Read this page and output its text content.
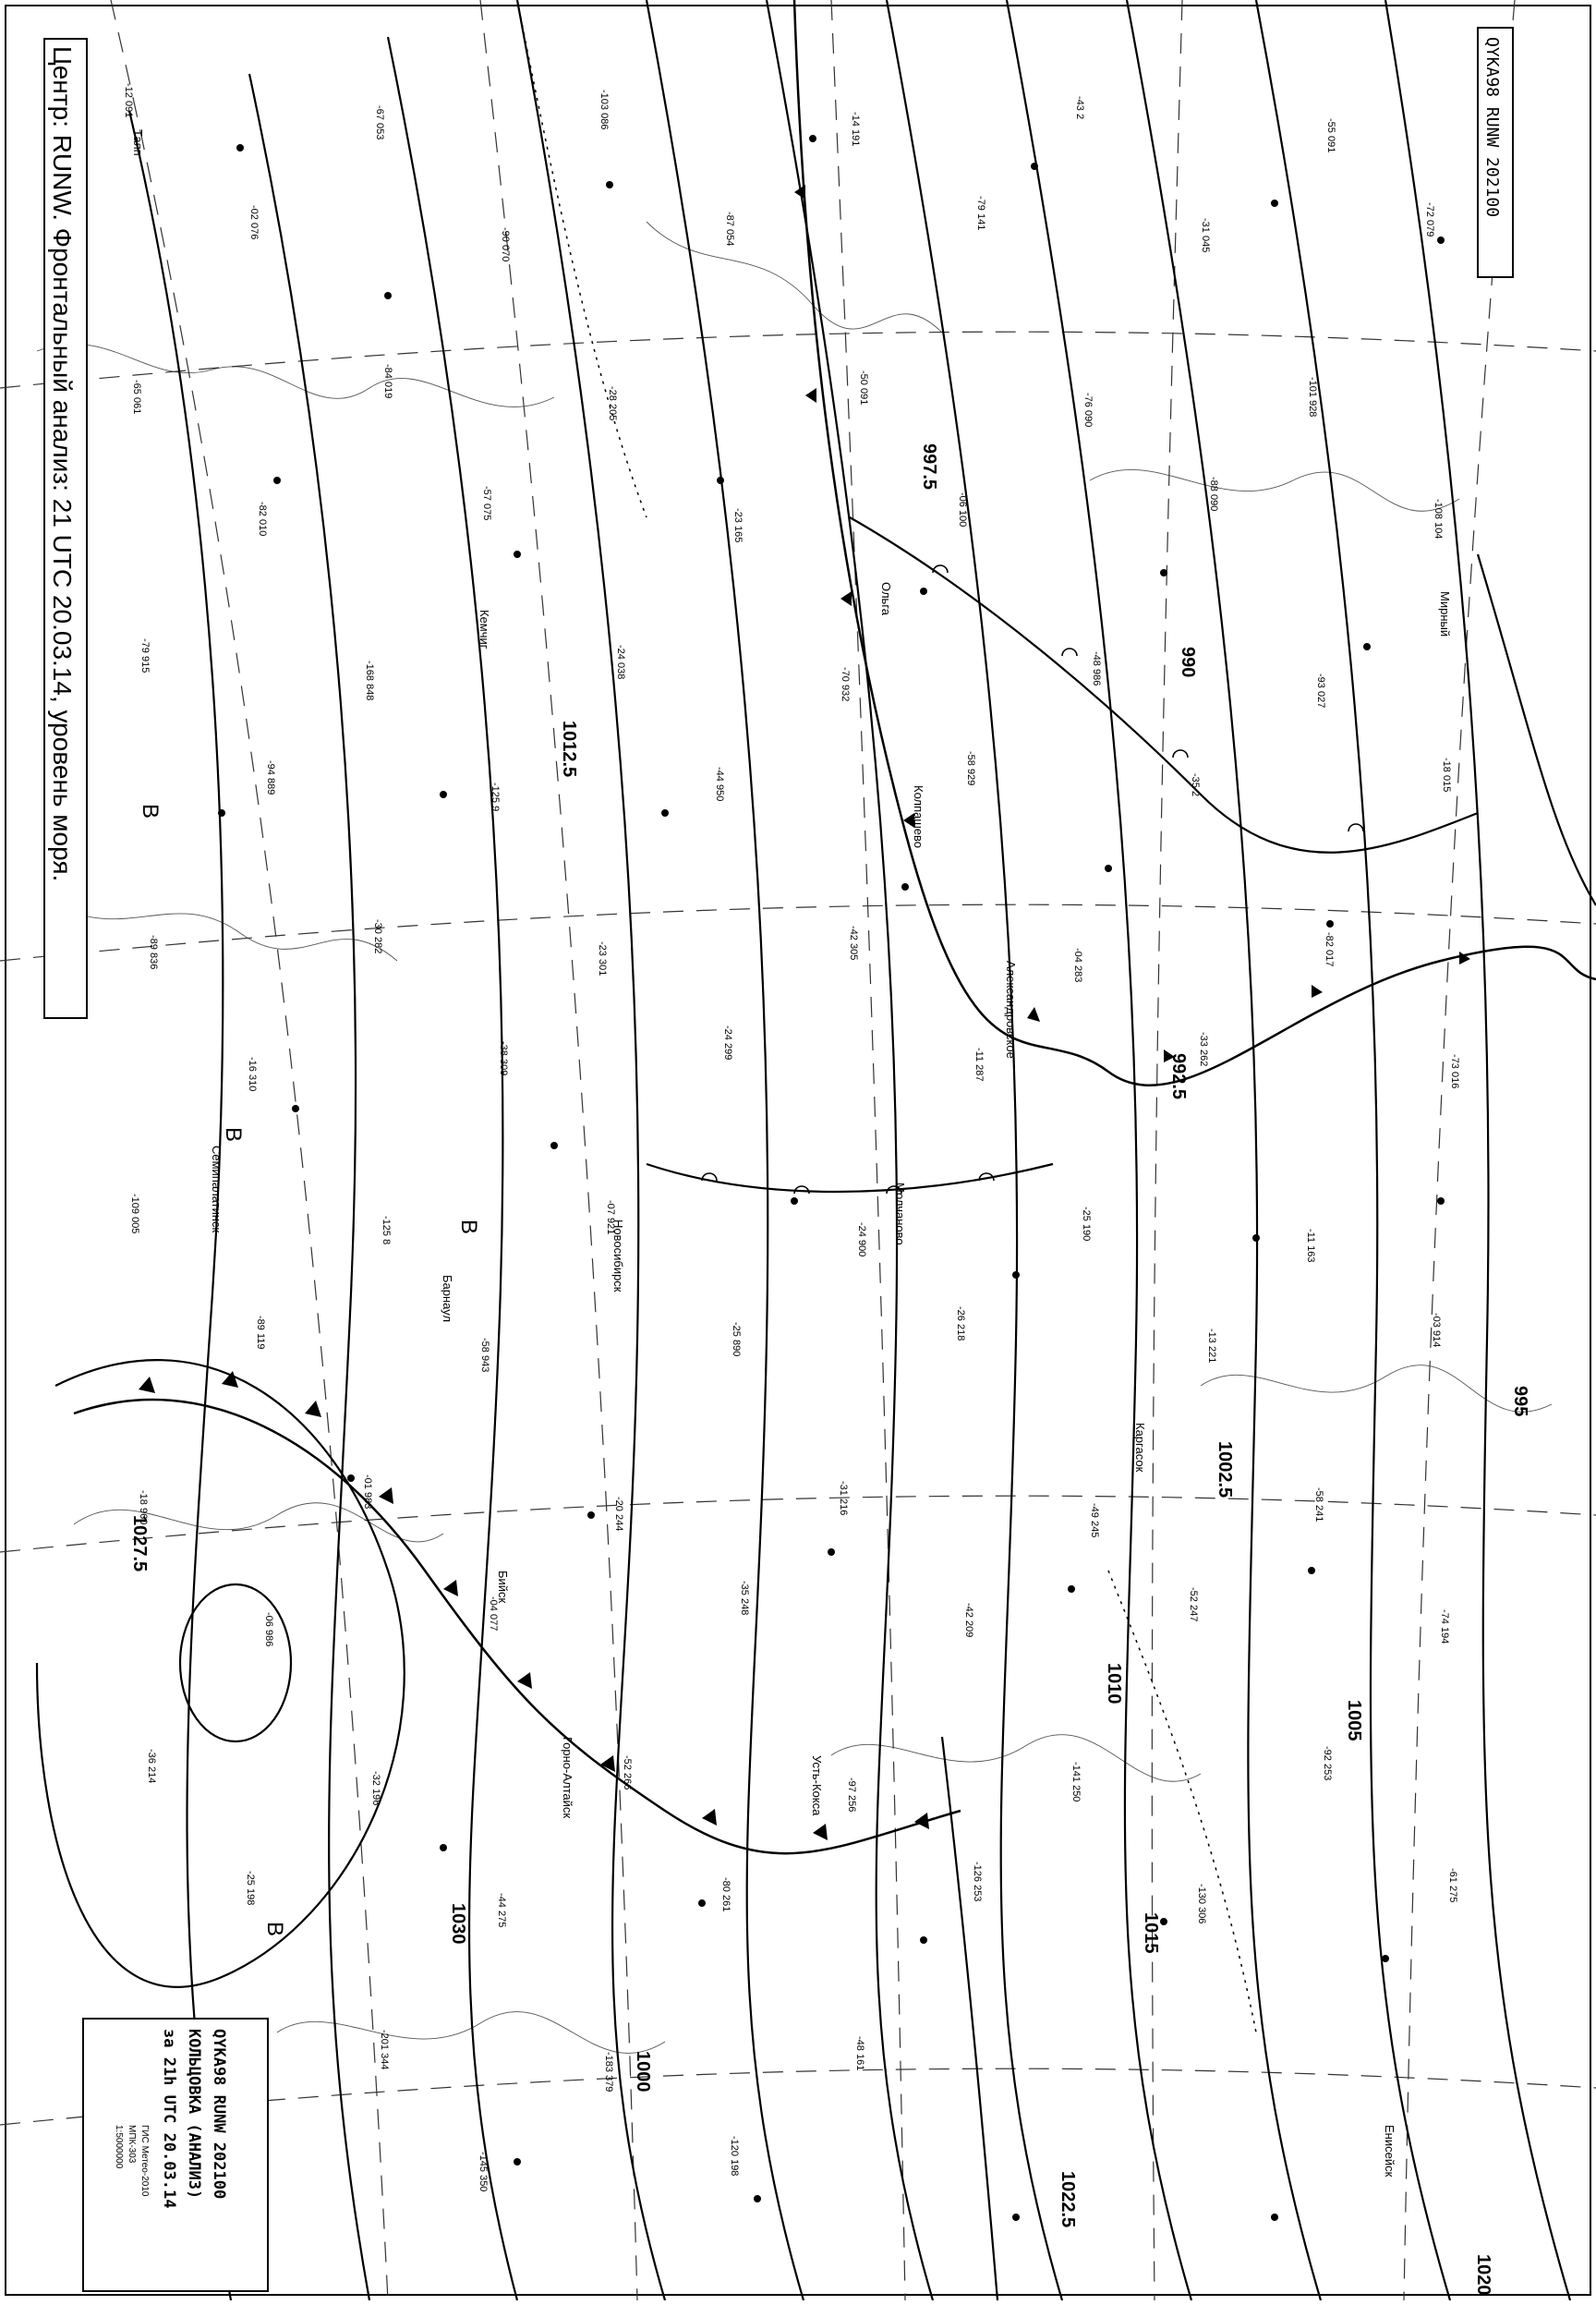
992.5
995
997.5
1002.5
1005
1010
1015
1020
1022.5
1027.5
1030
1012.5
990
1000
В
В
В
В
Таяп
Кемчиг
Молчаново
Новосибирск
Барнаул
Семипалатинск
Александровское
Колпашево
Ольга	Мирный
Енисейск
Каргасок
Бийск
Горно-Алтайск	Усть-Кокса
-12 091
-02 076
-67 053
-90 070
-103 086
-87 054
-14 191
-79 141
-43 2
-31 045
-55 091
-72 079
-65 061
-82 010
-84 019
-57 075
-28 205
-23 165
-50 091
-06 100
-76 090
-88 090
-101 928
-108 104
-79 915
-94 889
-168 848
-125 9
-24 038
-44 950
-70 932
-58 929
-48 986
-35 2
-93 027
-18 015
-89 836
-16 310
-30 282
-38 309
-23 301
-24 299
-42 305
-11 287
-04 283
-33 262
-82 017
-73 016
-109 005
-89 119
-125 8
-58 943
-07 921
-25 890
-24 900
-26 218
-25 190
-13 221
-11 163
-03 914
-18 960
-06 986
-01 983
-04 077
-20 244
-35 248
-31 216
-42 209
-49 245
-52 247
-58 241
-74 194
-36 214
-25 198
-32 196
-44 275
-52 266
-80 261
-97 256
-126 253
-141 250
-130 306
-92 253
-61 275
-201 344
-145 350
-183 379
-120 198
-48 161
Центр: RUNW. Фронтальный анализ: 21 UTC 20.03.14, уровень моря.	QYKA98 RUNW 202100
QYKA98 RUNW 202100
КОЛЬЦОВКА (АНАЛИЗ)
за 21h UTC 20.03.14
ГИС Метео-2010
МПК-303
1:5000000
